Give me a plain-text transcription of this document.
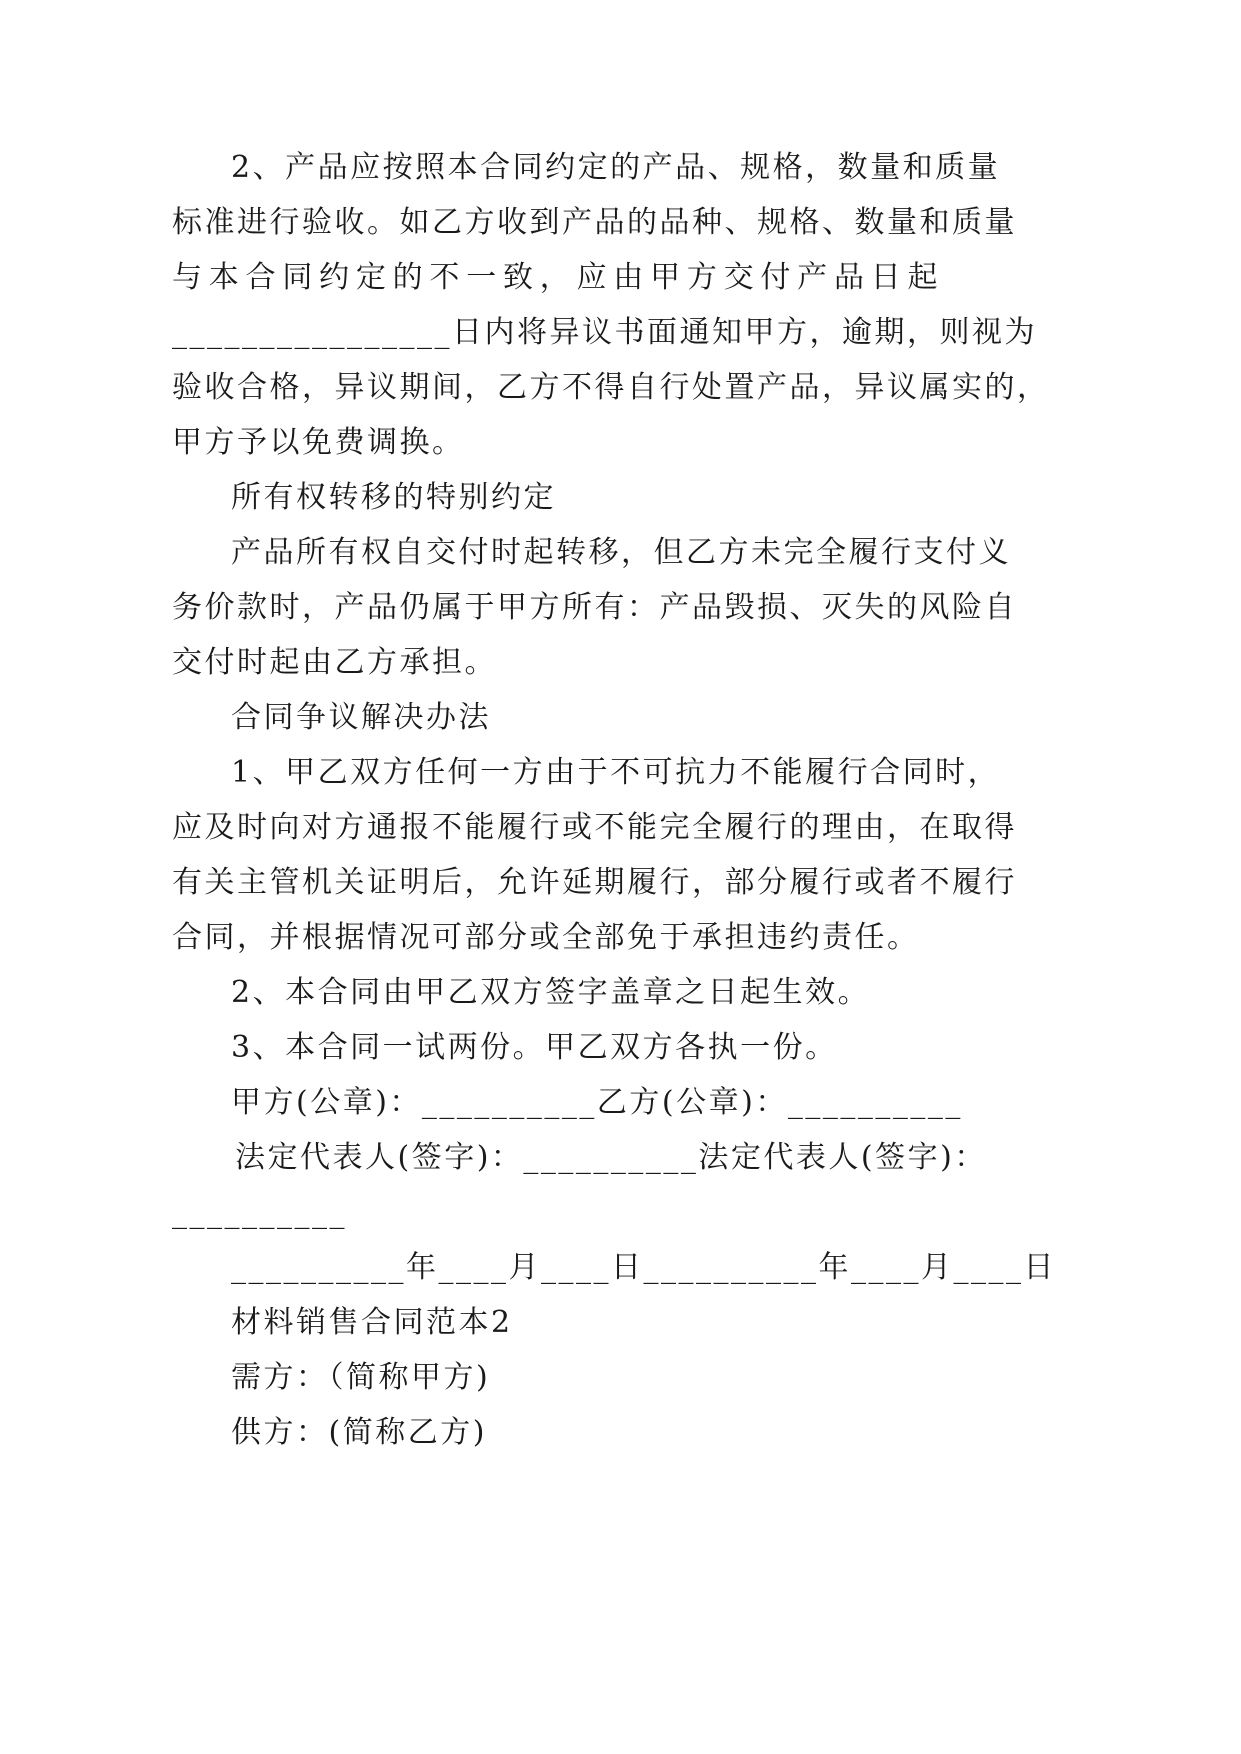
2、产品应按照本合同约定的产品、规格，数量和质量
标准进行验收。如乙方收到产品的品种、规格、数量和质量
与本合同约定的不一致，应由甲方交付产品日起
________________日内将异议书面通知甲方，逾期，则视为
验收合格，异议期间，乙方不得自行处置产品，异议属实的，
甲方予以免费调换。
所有权转移的特别约定
产品所有权自交付时起转移，但乙方未完全履行支付义
务价款时，产品仍属于甲方所有：产品毁损、灭失的风险自
交付时起由乙方承担。
合同争议解决办法
1、甲乙双方任何一方由于不可抗力不能履行合同时，
应及时向对方通报不能履行或不能完全履行的理由，在取得
有关主管机关证明后，允许延期履行，部分履行或者不履行
合同，并根据情况可部分或全部免于承担违约责任。
2、本合同由甲乙双方签字盖章之日起生效。
3、本合同一试两份。甲乙双方各执一份。
甲方(公章)：__________乙方(公章)：__________
法定代表人(签字)：__________法定代表人(签字)：
__________
__________年____月____日__________年____月____日
材料销售合同范本2
需方：（简称甲方)
供方：(简称乙方)
